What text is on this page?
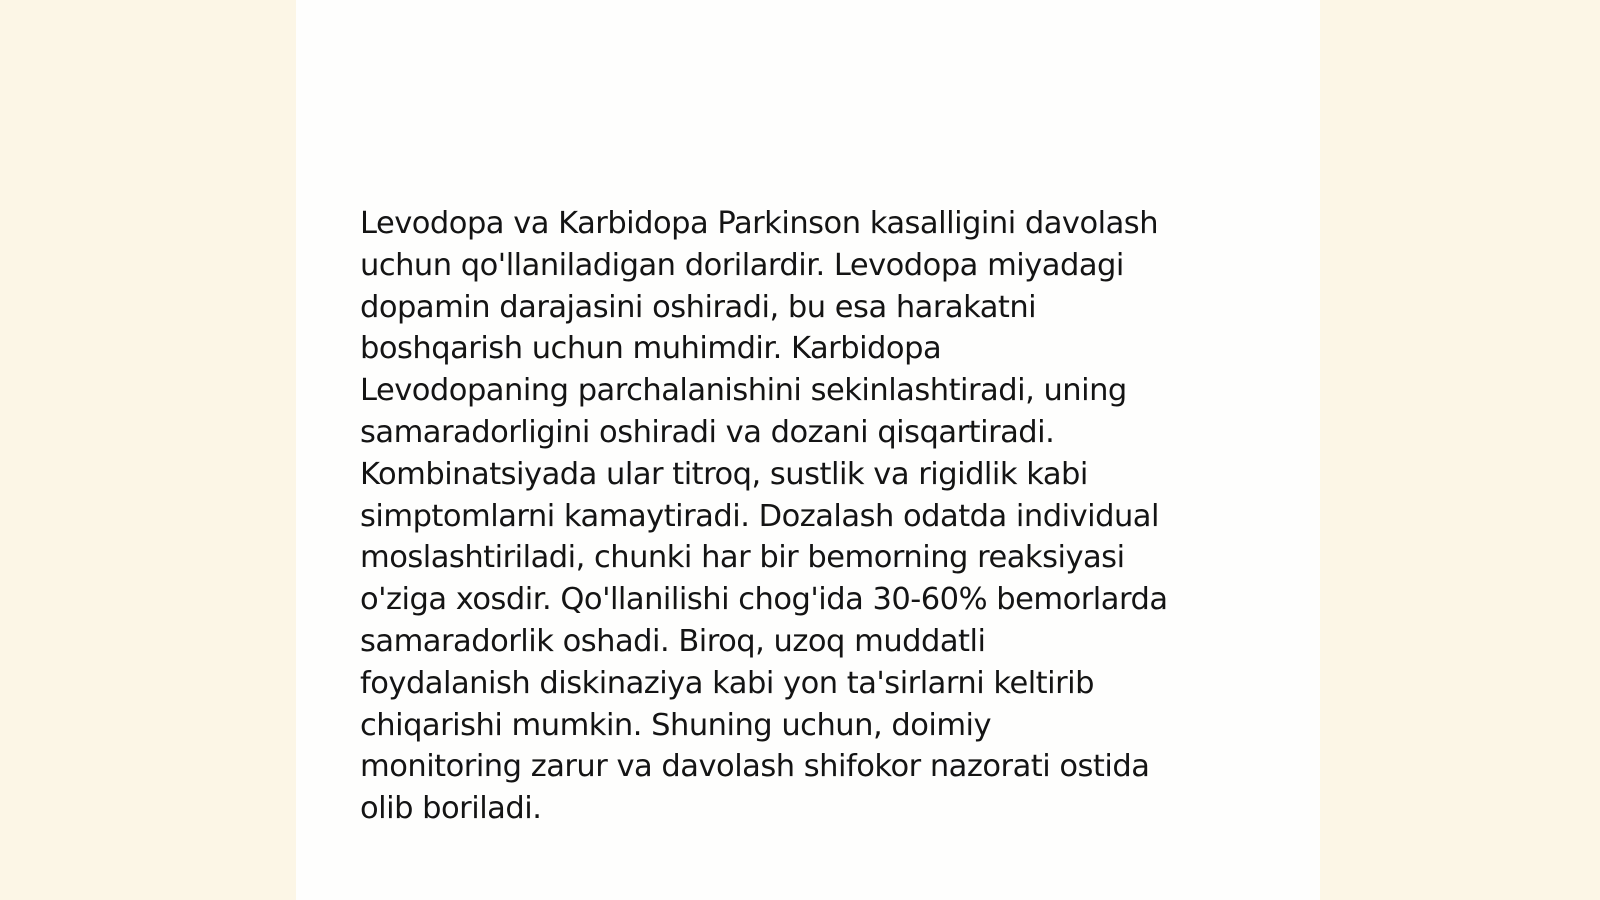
Levodopa va Karbidopa Parkinson kasalligini davolash
uchun qo'llaniladigan dorilardir. Levodopa miyadagi
dopamin darajasini oshiradi, bu esa harakatni
boshqarish uchun muhimdir. Karbidopa
Levodopaning parchalanishini sekinlashtiradi, uning
samaradorligini oshiradi va dozani qisqartiradi.
Kombinatsiyada ular titroq, sustlik va rigidlik kabi
simptomlarni kamaytiradi. Dozalash odatda individual
moslashtiriladi, chunki har bir bemorning reaksiyasi
o'ziga xosdir. Qo'llanilishi chog'ida 30-60% bemorlarda
samaradorlik oshadi. Biroq, uzoq muddatli
foydalanish diskinaziya kabi yon ta'sirlarni keltirib
chiqarishi mumkin. Shuning uchun, doimiy
monitoring zarur va davolash shifokor nazorati ostida
olib boriladi.
